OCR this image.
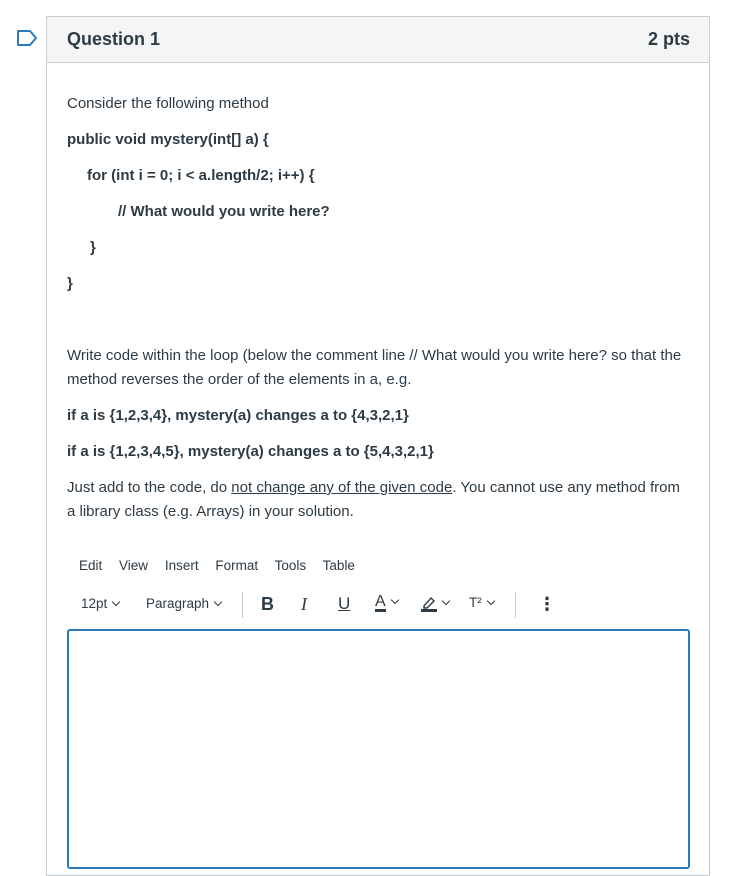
Question 1	2 pts
Consider the following method
public void mystery(int[] a) {
for (int i = 0; i < a.length/2; i++) {
// What would you write here?
}
}
Write code within the loop (below the comment line // What would you write here? so that the method reverses the order of the elements in a, e.g.
if a is {1,2,3,4}, mystery(a) changes a to {4,3,2,1}
if a is {1,2,3,4,5}, mystery(a) changes a to {5,4,3,2,1}
Just add to the code, do not change any of the given code. You cannot use any method from a library class (e.g. Arrays) in your solution.
Edit View Insert Format Tools Table
12pt	Paragraph	B I U A	T²	⋮
